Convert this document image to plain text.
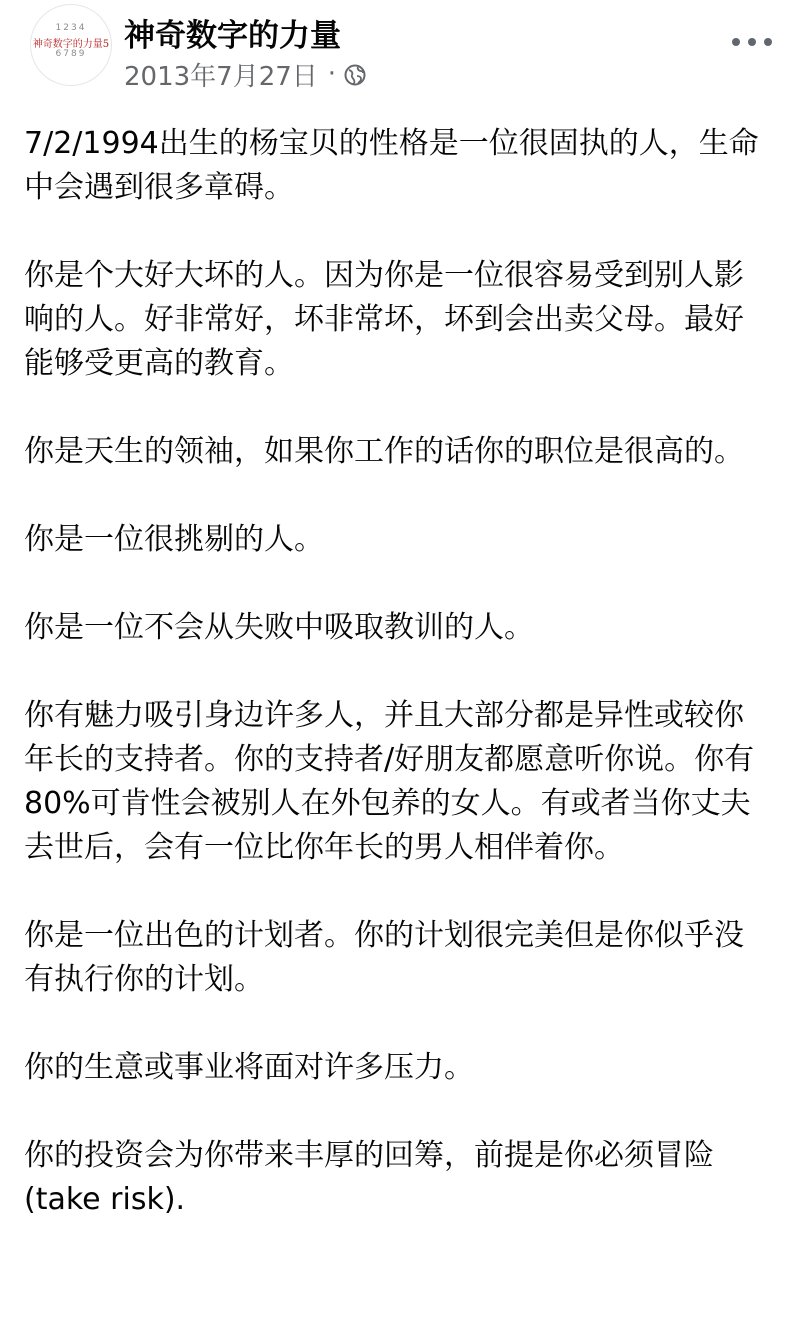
1234
神奇数字的力量5
6789	神奇数字的力量
2013年7月27日 ·

7/2/1994出生的杨宝贝的性格是一位很固执的人，生命中会遇到很多章碍。

你是个大好大坏的人。因为你是一位很容易受到别人影响的人。好非常好，坏非常坏，坏到会出卖父母。最好能够受更高的教育。

你是天生的领袖，如果你工作的话你的职位是很高的。

你是一位很挑剔的人。

你是一位不会从失败中吸取教训的人。

你有魅力吸引身边许多人，并且大部分都是异性或较你年长的支持者。你的支持者/好朋友都愿意听你说。你有80%可肯性会被别人在外包养的女人。有或者当你丈夫去世后，会有一位比你年长的男人相伴着你。

你是一位出色的计划者。你的计划很完美但是你似乎没有执行你的计划。

你的生意或事业将面对许多压力。

你的投资会为你带来丰厚的回筹，前提是你必须冒险 (take risk).
